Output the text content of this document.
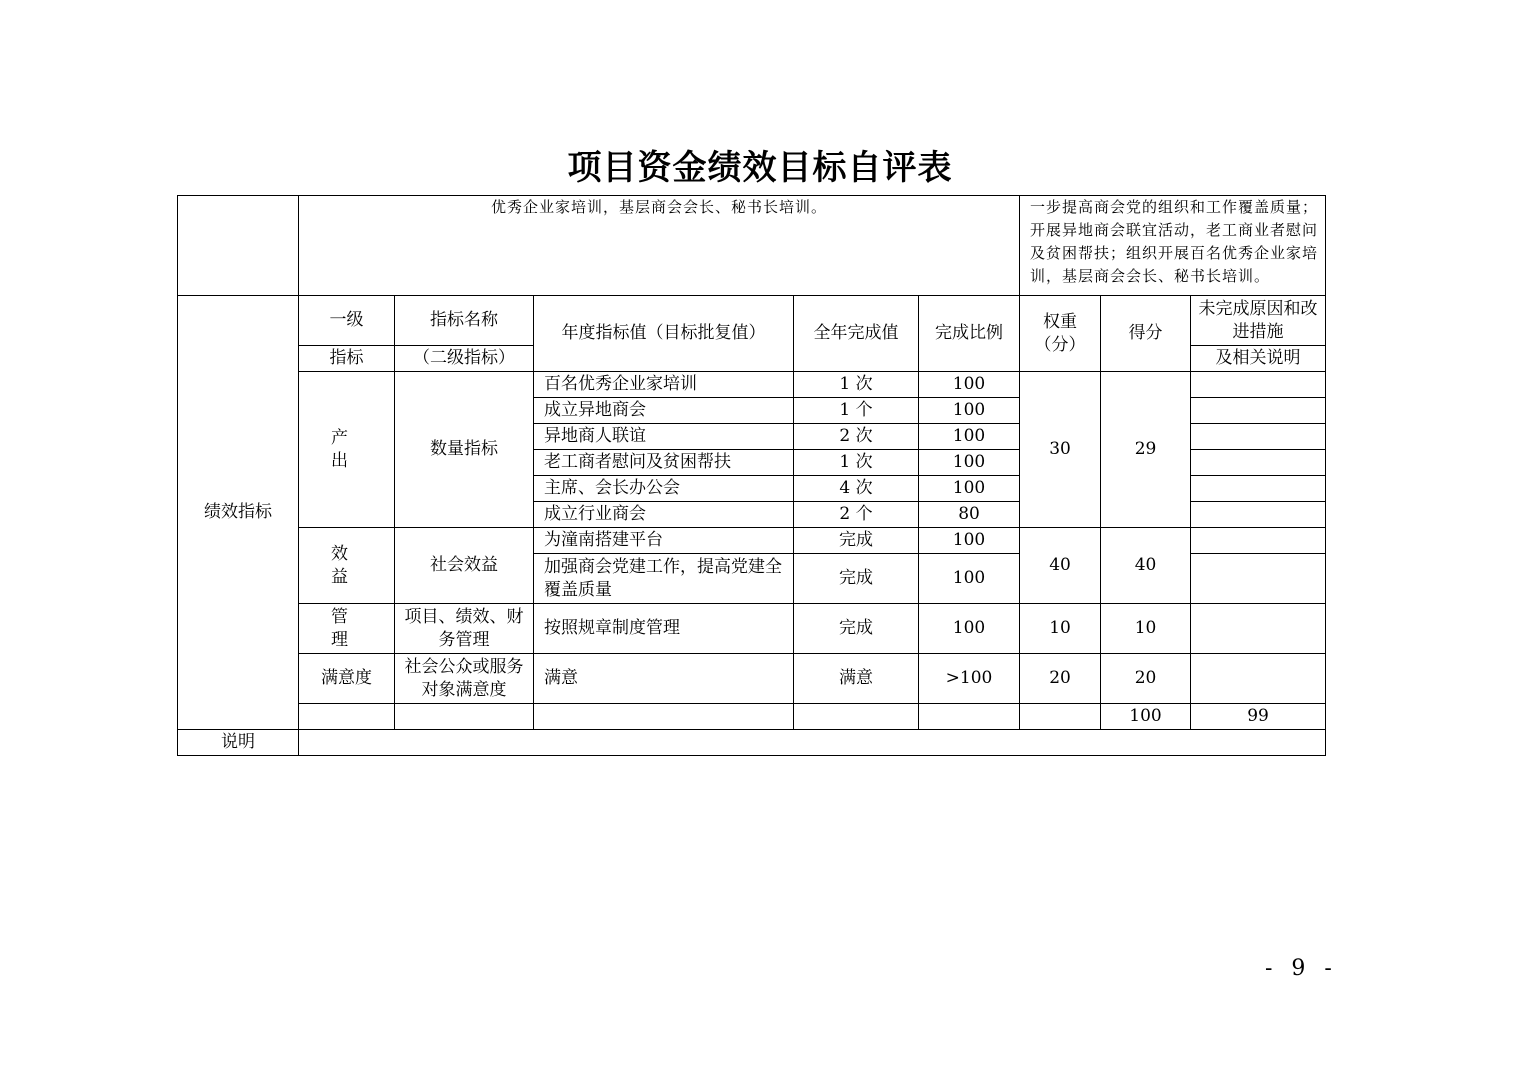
项目资金绩效目标自评表
	优秀企业家培训，基层商会会长、秘书长培训。					一步提高商会党的组织和工作覆盖质量；开展异地商会联宜活动，老工商业者慰问及贫困帮扶；组织开展百名优秀企业家培训，基层商会会长、秘书长培训。			
绩效指标	一级	指标名称	年度指标值（目标批复值）	全年完成值	完成比例	权重（分）	得分	未完成原因和改进措施	
	指标	（二级指标）						及相关说明	
	产　出	数量指标	百名优秀企业家培训	1 次	100	30	29		
			成立异地商会	1 个	100				
			异地商人联谊	2 次	100				
			老工商者慰问及贫困帮扶	1 次	100				
			主席、会长办公会	4 次	100				
			成立行业商会	2 个	80				
	效　益	社会效益	为潼南搭建平台	完成	100	40	40		
			加强商会党建工作，提高党建全覆盖质量	完成	100				
	管　理	项目、绩效、财务管理	按照规章制度管理	完成	100	10	10		
	满意度	社会公众或服务对象满意度	满意	满意	>100	20	20		
							100	99	
说明									
- 9 -
